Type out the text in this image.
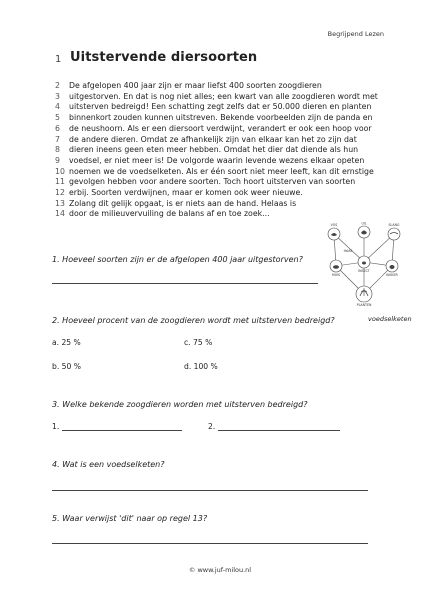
Begrijpend Lezen
1 Uitstervende diersoorten
2 De afgelopen 400 jaar zijn er maar liefst 400 soorten zoogdieren
3 uitgestorven. En dat is nog niet alles; een kwart van alle zoogdieren wordt met
4 uitsterven bedreigd! Een schatting zegt zelfs dat er 50.000 dieren en planten
5 binnenkort zouden kunnen uitstreven. Bekende voorbeelden zijn de panda en
6 de neushoorn. Als er een diersoort verdwijnt, verandert er ook een hoop voor
7 de andere dieren. Omdat ze afhankelijk zijn van elkaar kan het zo zijn dat
8 dieren ineens geen eten meer hebben. Omdat het dier dat diende als hun
9 voedsel, er niet meer is! De volgorde waarin levende wezens elkaar opeten
10 noemen we de voedselketen. Als er één soort niet meer leeft, kan dit ernstige
11 gevolgen hebben voor andere soorten. Toch hoort uitsterven van soorten
12 erbij. Soorten verdwijnen, maar er komen ook weer nieuwe.
13 Zolang dit gelijk opgaat, is er niets aan de hand. Helaas is
14 door de milieuvervuiling de balans af en toe zoek...
VOS	UIL	SLANG
MUIS	KIKKER
PLANTEN
INSECT
HAAS
voedselketen
1. Hoeveel soorten zijn er de afgelopen 400 jaar uitgestorven?
2. Hoeveel procent van de zoogdieren wordt met uitsterven bedreigd?
a. 25 %	c. 75 %
b. 50 %	d. 100 %
3. Welke bekende zoogdieren worden met uitsterven bedreigd?
1.	2.
4. Wat is een voedselketen?
5. Waar verwijst 'dit' naar op regel 13?
© www.juf-milou.nl
